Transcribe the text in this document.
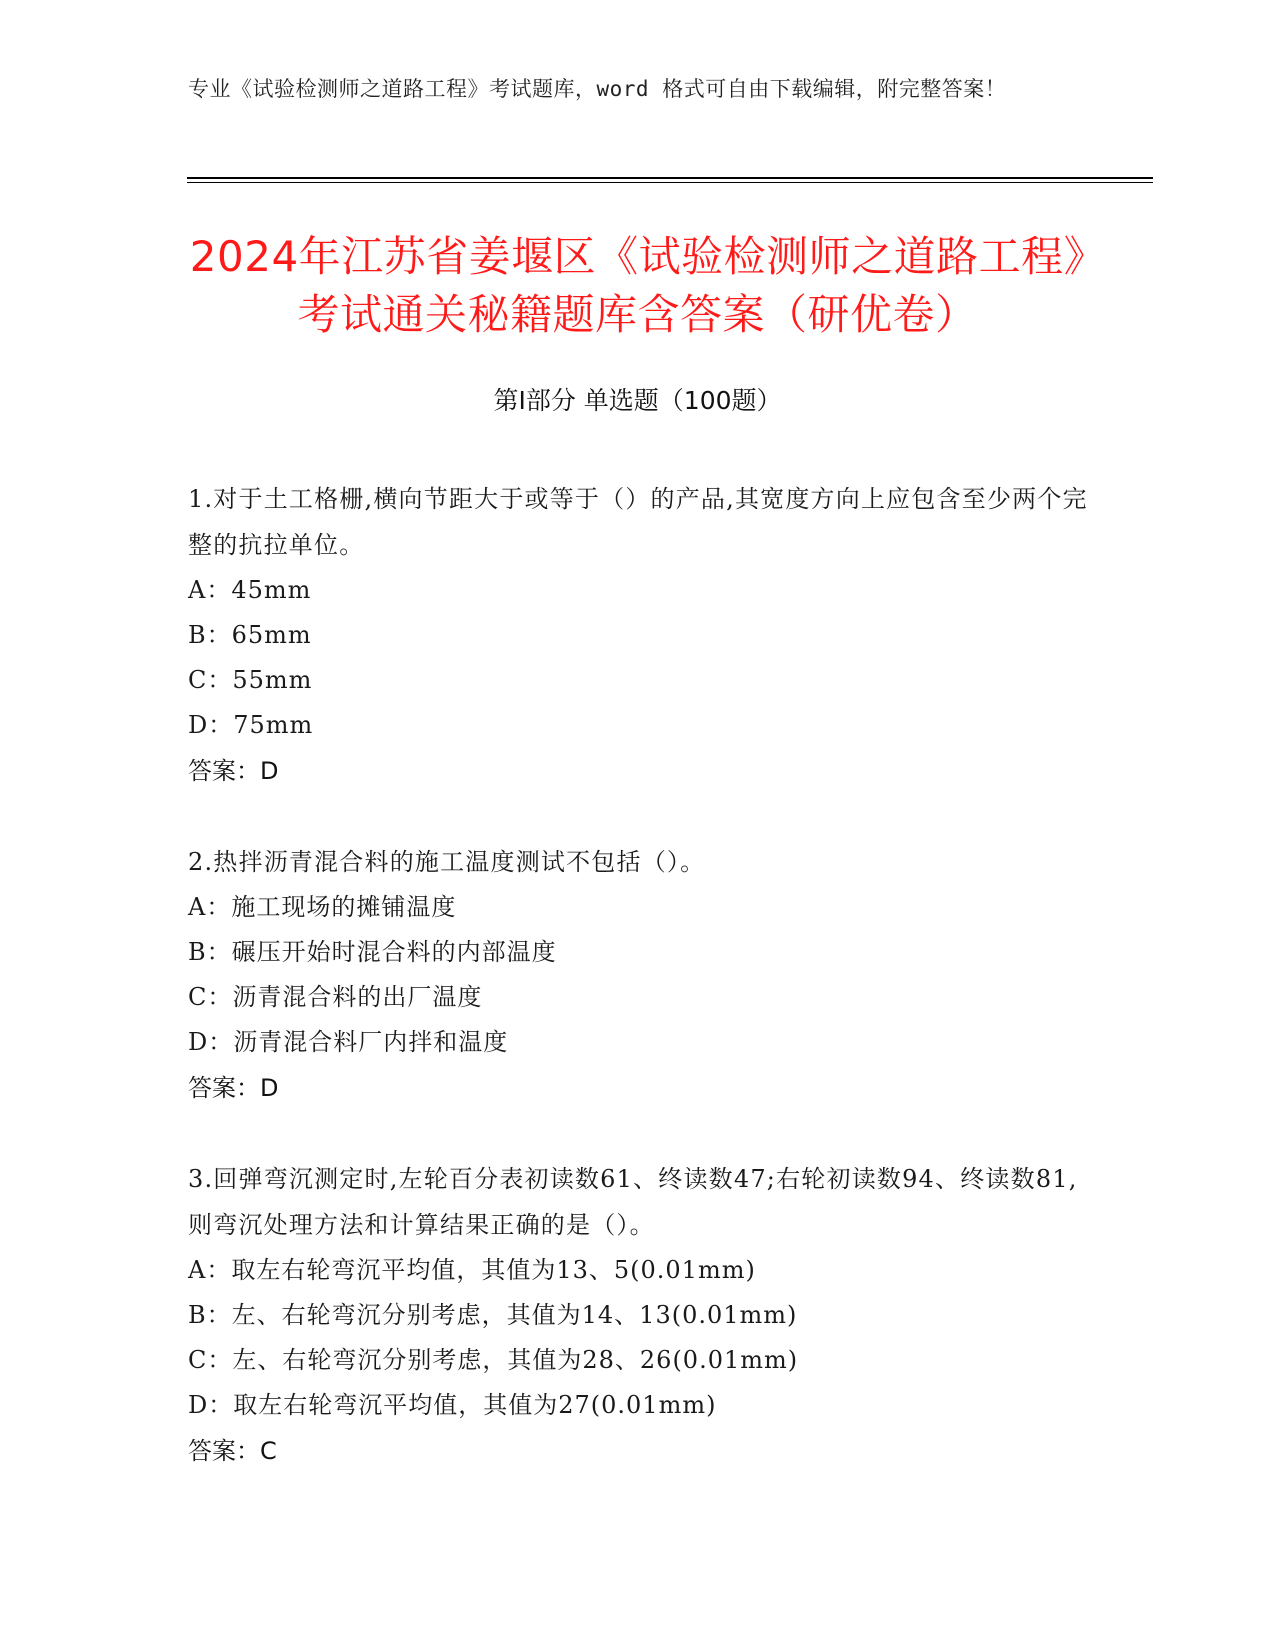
专业《试验检测师之道路工程》考试题库，word 格式可自由下载编辑，附完整答案！
2024年江苏省姜堰区《试验检测师之道路工程》考试通关秘籍题库含答案（研优卷）
第Ⅰ部分 单选题（100题）
1.对于土工格栅,横向节距大于或等于（）的产品,其宽度方向上应包含至少两个完整的抗拉单位。
A：45mm
B：65mm
C：55mm
D：75mm
答案：D
2.热拌沥青混合料的施工温度测试不包括（）。
A：施工现场的摊铺温度
B：碾压开始时混合料的内部温度
C：沥青混合料的出厂温度
D：沥青混合料厂内拌和温度
答案：D
3.回弹弯沉测定时,左轮百分表初读数61、终读数47;右轮初读数94、终读数81,则弯沉处理方法和计算结果正确的是（）。
A：取左右轮弯沉平均值，其值为13、5(0.01mm)
B：左、右轮弯沉分别考虑，其值为14、13(0.01mm)
C：左、右轮弯沉分别考虑，其值为28、26(0.01mm)
D：取左右轮弯沉平均值，其值为27(0.01mm)
答案：C
